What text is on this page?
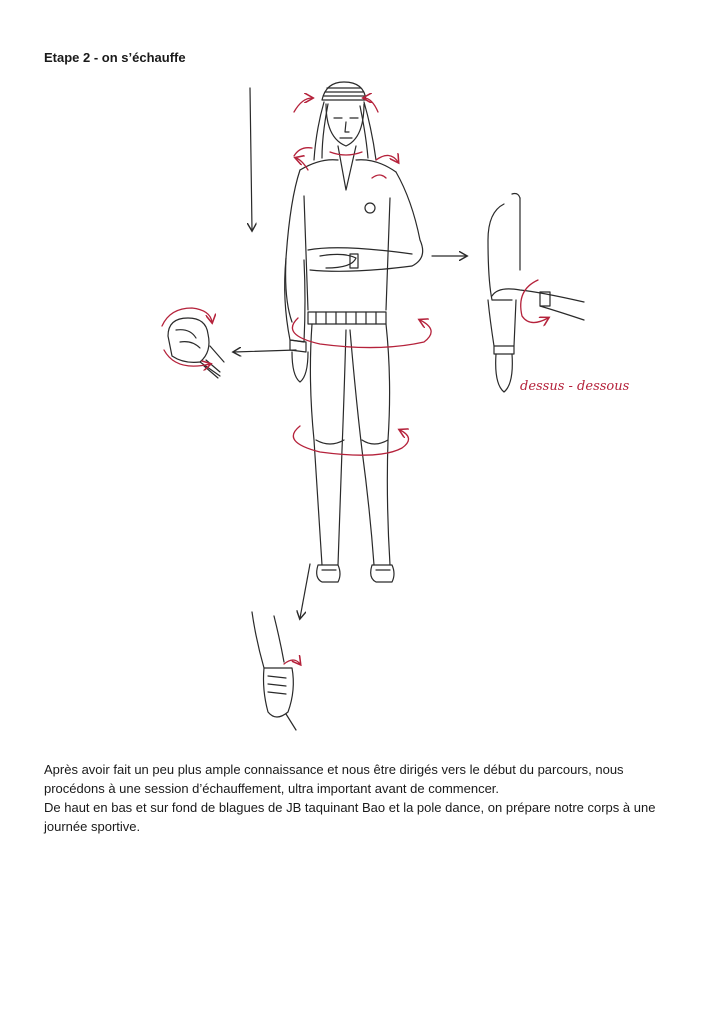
Etape 2 - on s’échauffe
dessus - dessous

Après avoir fait un peu plus ample connaissance et nous être dirigés vers le début du parcours, nous procédons à une session d’échauffement, ultra important avant de commencer.

De haut en bas et sur fond de blagues de JB taquinant Bao et la pole dance, on prépare notre corps à une journée sportive.
